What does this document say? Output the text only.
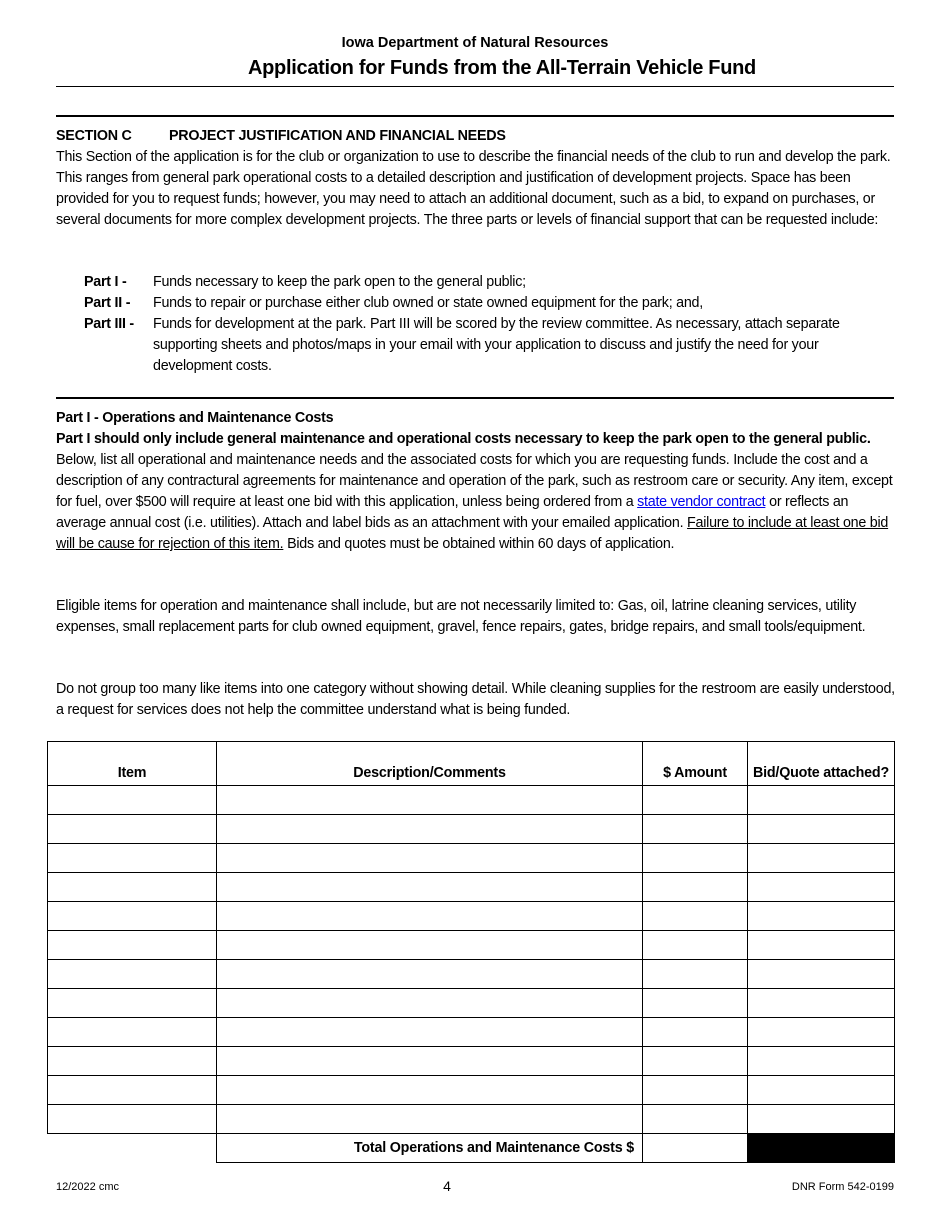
Iowa Department of Natural Resources
Application for Funds from the All-Terrain Vehicle Fund
SECTION C	PROJECT JUSTIFICATION AND FINANCIAL NEEDS
This Section of the application is for the club or organization to use to describe the financial needs of the club to run and develop the park. This ranges from general park operational costs to a detailed description and justification of development projects. Space has been provided for you to request funds; however, you may need to attach an additional document, such as a bid, to expand on purchases, or several documents for more complex development projects. The three parts or levels of financial support that can be requested include:
Part I -	Funds necessary to keep the park open to the general public;
Part II -	Funds to repair or purchase either club owned or state owned equipment for the park; and,
Part III -	Funds for development at the park. Part III will be scored by the review committee. As necessary, attach separate supporting sheets and photos/maps in your email with your application to discuss and justify the need for your development costs.
Part I - Operations and Maintenance Costs
Part I should only include general maintenance and operational costs necessary to keep the park open to the general public. Below, list all operational and maintenance needs and the associated costs for which you are requesting funds. Include the cost and a description of any contractural agreements for maintenance and operation of the park, such as restroom care or security. Any item, except for fuel, over $500 will require at least one bid with this application, unless being ordered from a state vendor contract or reflects an average annual cost (i.e. utilities). Attach and label bids as an attachment with your emailed application. Failure to include at least one bid will be cause for rejection of this item. Bids and quotes must be obtained within 60 days of application.
Eligible items for operation and maintenance shall include, but are not necessarily limited to: Gas, oil, latrine cleaning services, utility expenses, small replacement parts for club owned equipment, gravel, fence repairs, gates, bridge repairs, and small tools/equipment.
Do not group too many like items into one category without showing detail. While cleaning supplies for the restroom are easily understood, a request for services does not help the committee understand what is being funded.
Item	Description/Comments	$ Amount	Bid/Quote attached?

	Total Operations and Maintenance Costs $		
12/2022 cmc	4	DNR Form 542-0199
